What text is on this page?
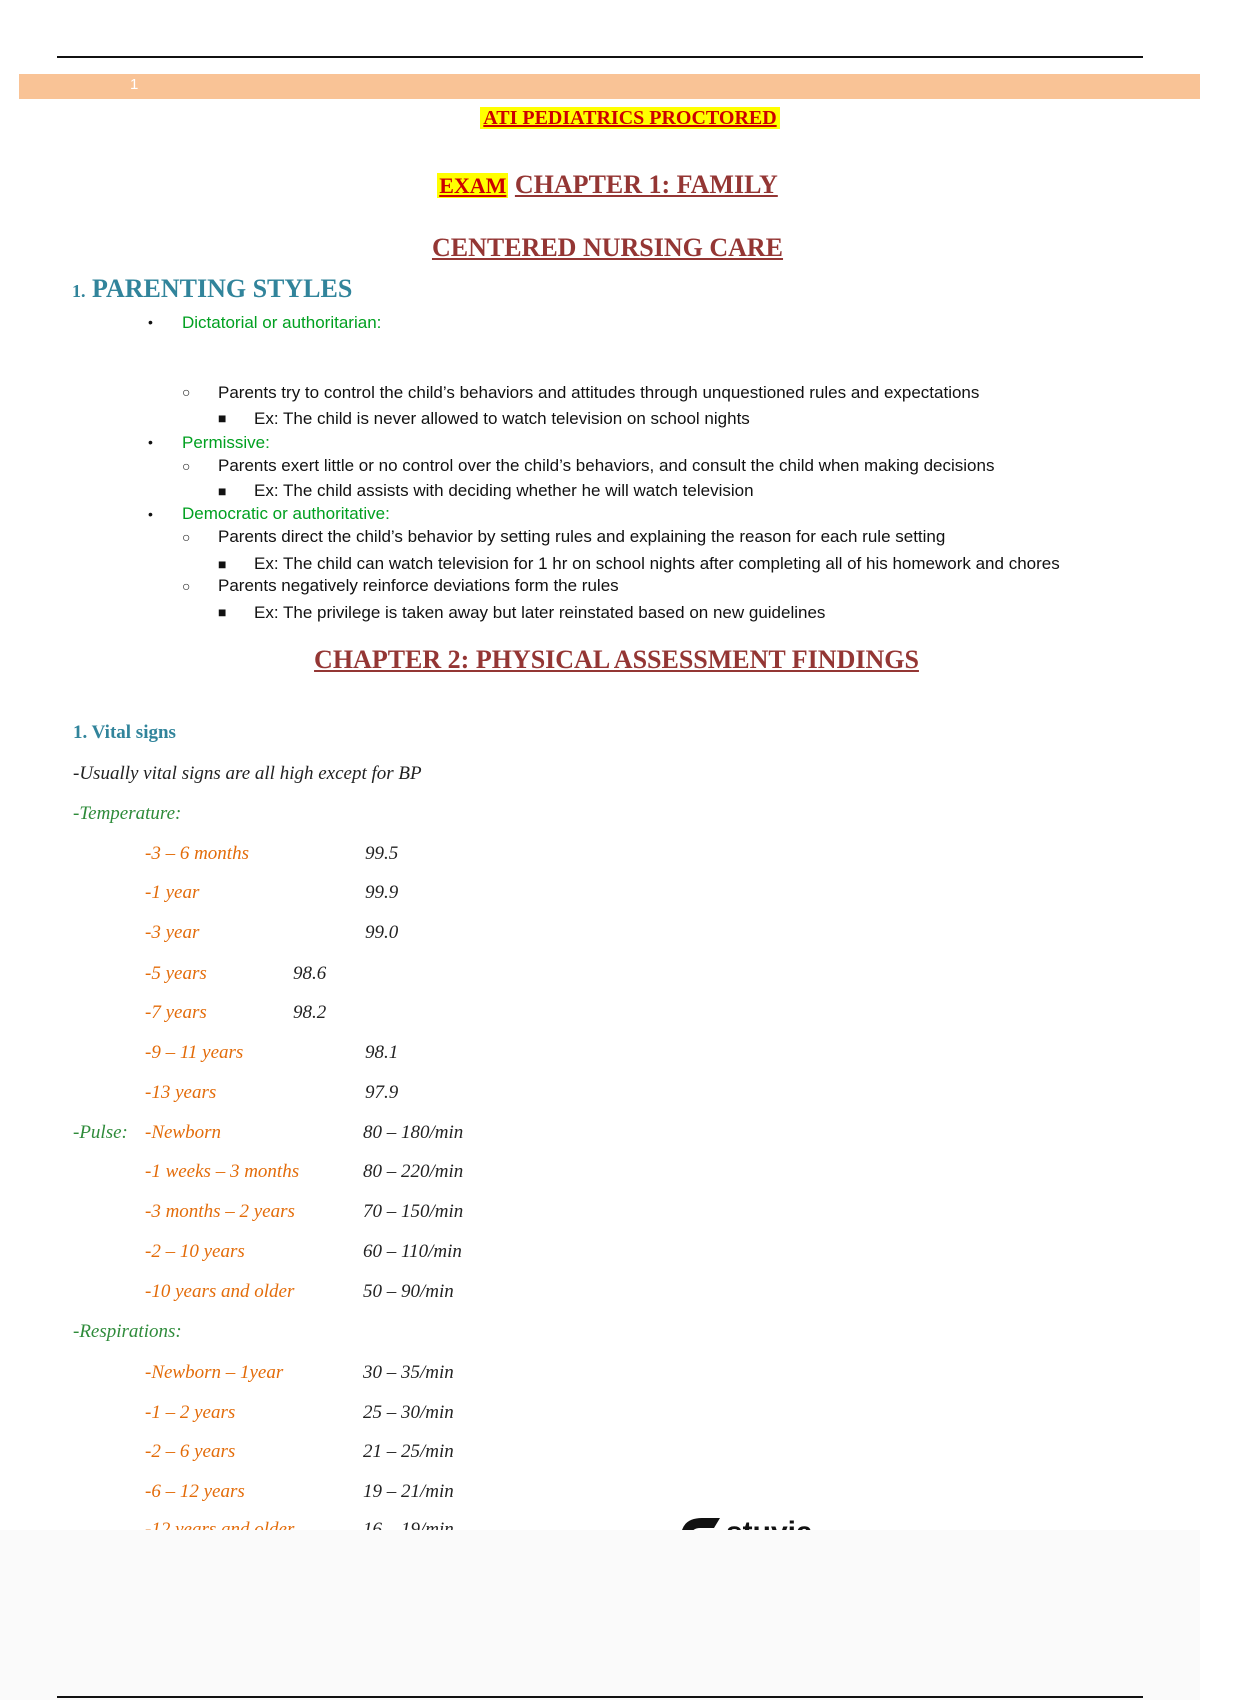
1
ATI PEDIATRICS PROCTORED
EXAM CHAPTER 1: FAMILY
CENTERED NURSING CARE
1. PARENTING STYLES
• Dictatorial or authoritarian:
○ Parents try to control the child’s behaviors and attitudes through unquestioned rules and expectations
■ Ex: The child is never allowed to watch television on school nights
• Permissive:
○ Parents exert little or no control over the child’s behaviors, and consult the child when making decisions
■ Ex: The child assists with deciding whether he will watch television
• Democratic or authoritative:
○ Parents direct the child’s behavior by setting rules and explaining the reason for each rule setting
■ Ex: The child can watch television for 1 hr on school nights after completing all of his homework and chores
○ Parents negatively reinforce deviations form the rules
■ Ex: The privilege is taken away but later reinstated based on new guidelines
CHAPTER 2: PHYSICAL ASSESSMENT FINDINGS
1. Vital signs
-Usually vital signs are all high except for BP
-Temperature:
-3 – 6 months	99.5
-1 year	99.9
-3 year	99.0
-5 years	98.6
-7 years	98.2
-9 – 11 years	98.1
-13 years	97.9
-Pulse: -Newborn	80 – 180/min
-1 weeks – 3 months	80 – 220/min
-3 months – 2 years	70 – 150/min
-2 – 10 years	60 – 110/min
-10 years and older	50 – 90/min
-Respirations:
-Newborn – 1year	30 – 35/min
-1 – 2 years	25 – 30/min
-2 – 6 years	21 – 25/min
-6 – 12 years	19 – 21/min
